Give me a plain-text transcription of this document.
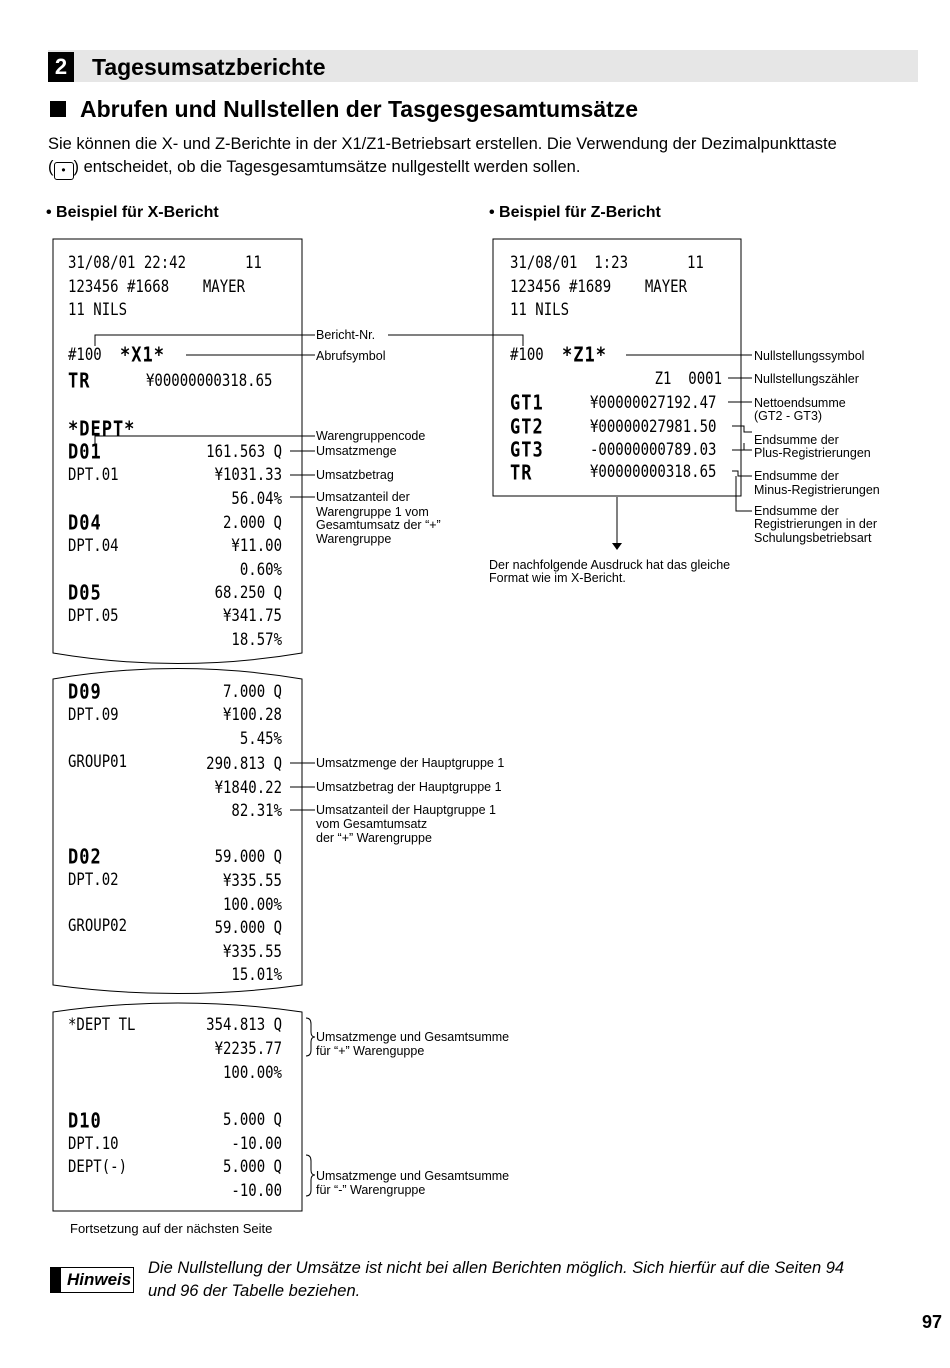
2 Tagesumsatzberichte
Abrufen und Nullstellen der Tasgesgesamtumsätze
Sie können die X- und Z-Berichte in der X1/Z1-Betriebsart erstellen. Die Verwendung der Dezimalpunkttaste
( • ) entscheidet, ob die Tagesgesamtumsätze nullgestellt werden sollen.
• Beispiel für X-Bericht	• Beispiel für Z-Bericht
31/08/01 22:42       11
123456 #1668    MAYER
11 NILS
#100 *X1*
TR	¥00000000318.65
*DEPT*
D01	161.563 Q
DPT.01	¥1031.33
56.04%
D04	2.000 Q
DPT.04	¥11.00
0.60%
D05	68.250 Q
DPT.05	¥341.75
18.57%
D09	7.000 Q
DPT.09	¥100.28
5.45%
GROUP01	290.813 Q
¥1840.22
82.31%
D02	59.000 Q
DPT.02	¥335.55
100.00%
GROUP02	59.000 Q
¥335.55
15.01%
*DEPT TL	354.813 Q
¥2235.77
100.00%
D10	5.000 Q
DPT.10	-10.00
DEPT(-)	5.000 Q
-10.00
31/08/01  1:23       11
123456 #1689    MAYER
11 NILS
#100 *Z1*
Z1  0001
GT1	¥00000027192.47
GT2	¥00000027981.50
GT3	-00000000789.03
TR	¥00000000318.65
Bericht-Nr.
Abrufsymbol
Warengruppencode
Umsatzmenge
Umsatzbetrag
Umsatzanteil der
Warengruppe 1 vom
Gesamtumsatz der “+”
Warengruppe
Umsatzmenge der Hauptgruppe 1
Umsatzbetrag der Hauptgruppe 1
Umsatzanteil der Hauptgruppe 1
vom Gesamtumsatz
der “+” Warengruppe
Umsatzmenge und Gesamtsumme
für “+” Warenguppe
Umsatzmenge und Gesamtsumme
für “-” Warengruppe
Nullstellungssymbol
Nullstellungszähler
Nettoendsumme
(GT2 - GT3)
Endsumme der
Plus-Registrierungen
Endsumme der
Minus-Registrierungen
Endsumme der
Registrierungen in der
Schulungsbetriebsart
Der nachfolgende Ausdruck hat das gleiche
Format wie im X-Bericht.
Fortsetzung auf der nächsten Seite
Hinweis
Die Nullstellung der Umsätze ist nicht bei allen Berichten möglich. Sich hierfür auf die Seiten 94
und 96 der Tabelle beziehen.
97
